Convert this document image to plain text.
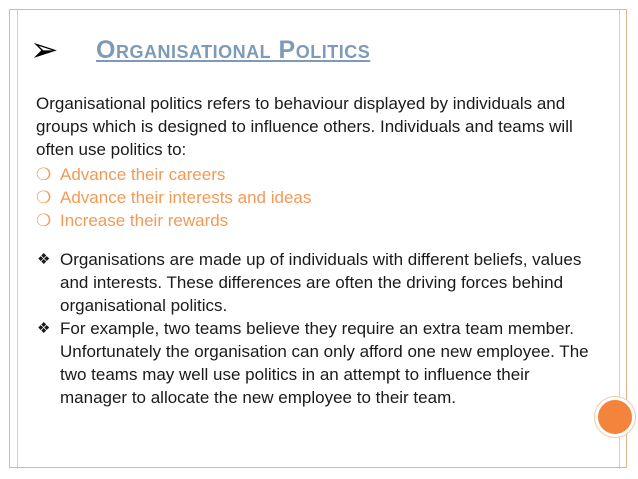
➢ Organisational Politics

Organisational politics refers to behaviour displayed by individuals and groups which is designed to influence others. Individuals and teams will often use politics to:

❍ Advance their careers
❍ Advance their interests and ideas
❍ Increase their rewards
❖ Organisations are made up of individuals with different beliefs, values and interests. These differences are often the driving forces behind organisational politics.
❖ For example, two teams believe they require an extra team member. Unfortunately the organisation can only afford one new employee. The two teams may well use politics in an attempt to influence their manager to allocate the new employee to their team.
